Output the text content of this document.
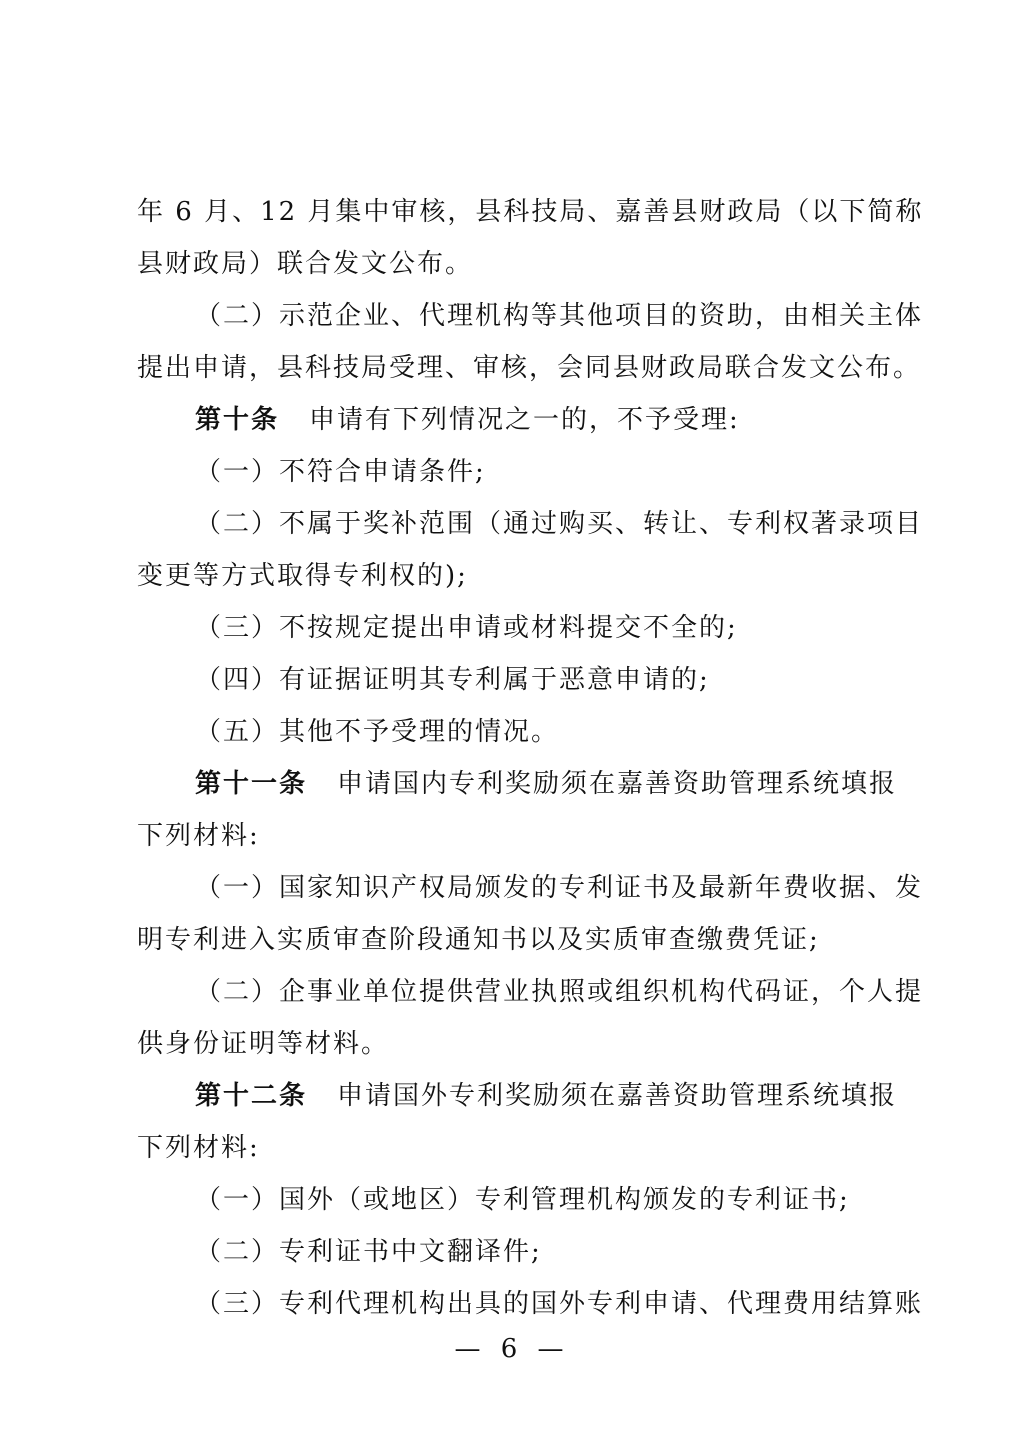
年 6 月、12 月集中审核，县科技局、嘉善县财政局（以下简称
县财政局）联合发文公布。
（二）示范企业、代理机构等其他项目的资助，由相关主体
提出申请，县科技局受理、审核，会同县财政局联合发文公布。
第十条 申请有下列情况之一的，不予受理:
（一）不符合申请条件;
（二）不属于奖补范围（通过购买、转让、专利权著录项目
变更等方式取得专利权的);
（三）不按规定提出申请或材料提交不全的;
（四）有证据证明其专利属于恶意申请的;
（五）其他不予受理的情况。
第十一条 申请国内专利奖励须在嘉善资助管理系统填报
下列材料:
（一）国家知识产权局颁发的专利证书及最新年费收据、发
明专利进入实质审查阶段通知书以及实质审查缴费凭证;
（二）企事业单位提供营业执照或组织机构代码证，个人提
供身份证明等材料。
第十二条 申请国外专利奖励须在嘉善资助管理系统填报
下列材料:
（一）国外（或地区）专利管理机构颁发的专利证书;
（二）专利证书中文翻译件;
（三）专利代理机构出具的国外专利申请、代理费用结算账
— 6 —
